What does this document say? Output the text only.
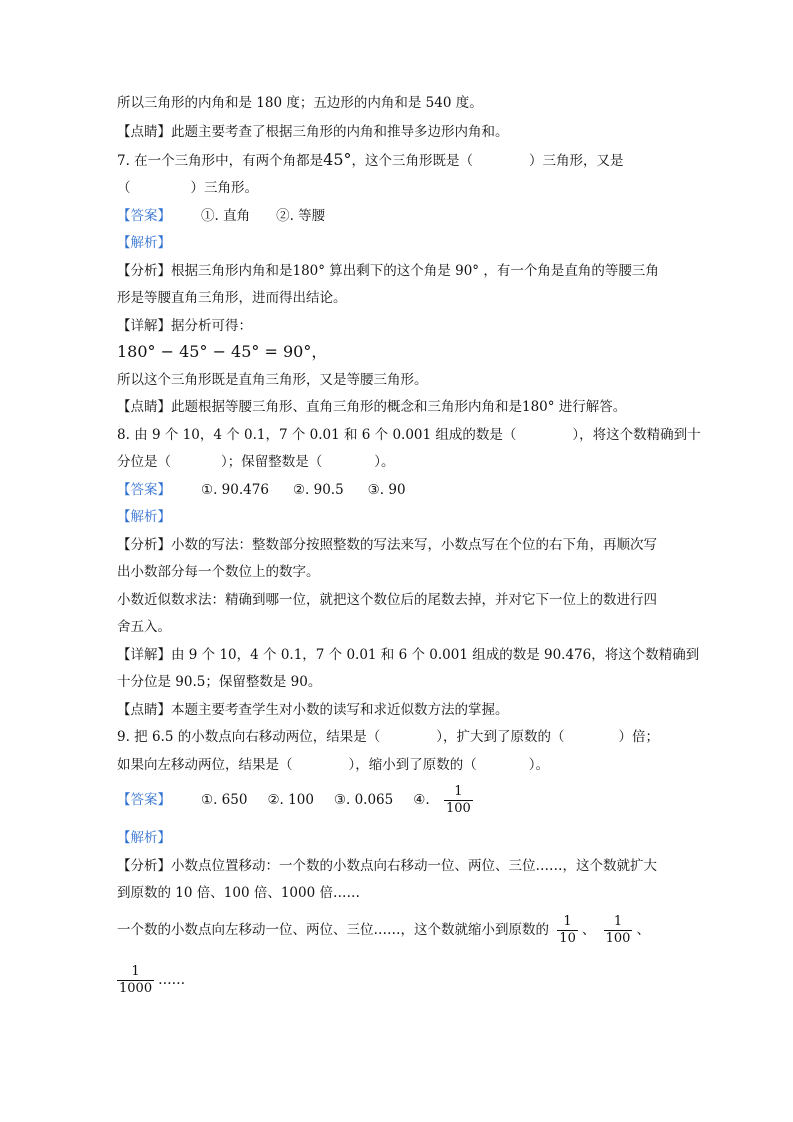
所以三角形的内角和是 180 度；五边形的内角和是 540 度。
【点睛】此题主要考查了根据三角形的内角和推导多边形内角和。
7. 在一个三角形中，有两个角都是45°，这个三角形既是（	）三角形，又是
（	）三角形。
【答案】 ①. 直角 ②. 等腰
【解析】
【分析】根据三角形内角和是180° 算出剩下的这个角是 90° ，有一个角是直角的等腰三角
形是等腰直角三角形，进而得出结论。
【详解】据分析可得：
180° − 45° − 45° = 90°，
所以这个三角形既是直角三角形，又是等腰三角形。
【点睛】此题根据等腰三角形、直角三角形的概念和三角形内角和是180° 进行解答。
8. 由 9 个 10，4 个 0.1，7 个 0.01 和 6 个 0.001 组成的数是（	），将这个数精确到十
分位是（	）；保留整数是（	）。
【答案】 ①. 90.476 ②. 90.5 ③. 90
【解析】
【分析】小数的写法：整数部分按照整数的写法来写，小数点写在个位的右下角，再顺次写
出小数部分每一个数位上的数字。
小数近似数求法：精确到哪一位，就把这个数位后的尾数去掉，并对它下一位上的数进行四
舍五入。
【详解】由 9 个 10，4 个 0.1，7 个 0.01 和 6 个 0.001 组成的数是 90.476，将这个数精确到
十分位是 90.5；保留整数是 90。
【点睛】本题主要考查学生对小数的读写和求近似数方法的掌握。
9. 把 6.5 的小数点向右移动两位，结果是（	），扩大到了原数的（	）倍；
如果向左移动两位，结果是（	），缩小到了原数的（	）。
【答案】 ①. 650 ②. 100 ③. 0.065 ④. $\frac{1}{100}$
【解析】
【分析】小数点位置移动：一个数的小数点向右移动一位、两位、三位……，这个数就扩大
到原数的 10 倍、100 倍、1000 倍……
一个数的小数点向左移动一位、两位、三位……，这个数就缩小到原数的 $\frac{1}{10}$ 、 $\frac{1}{100}$ 、
$\frac{1}{1000}$ ……
